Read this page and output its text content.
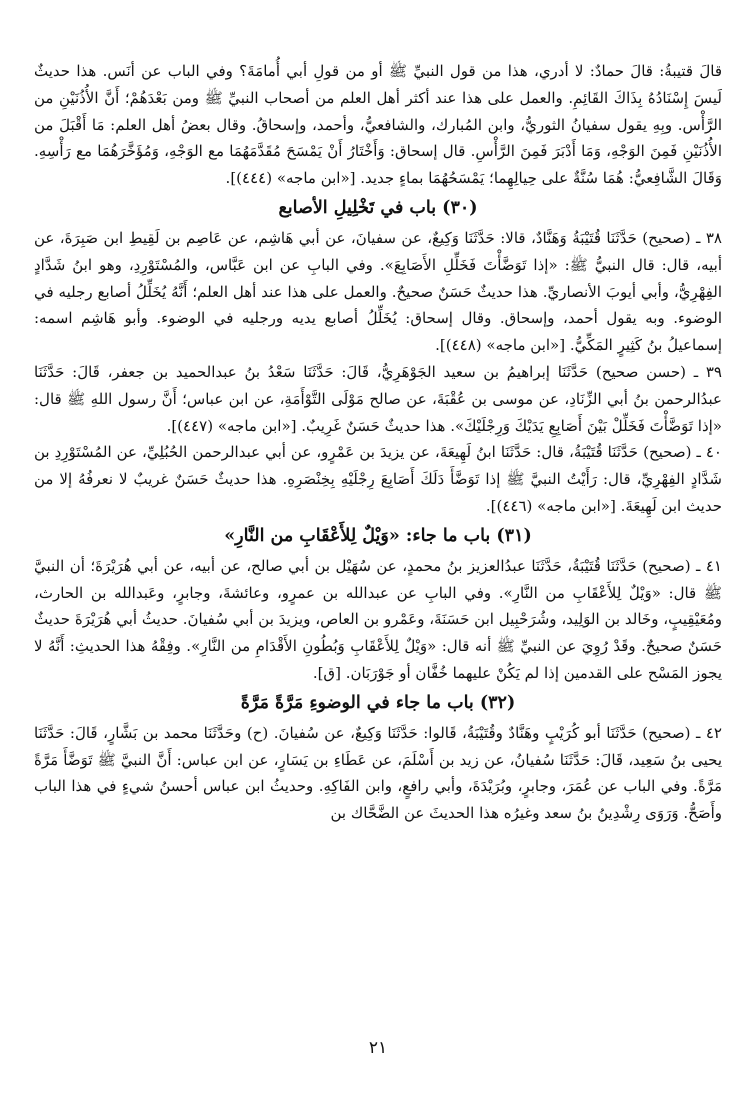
قالَ قتيبةُ: قالَ حمادٌ: لا أدري، هذا من قول النبيِّ ﷺ أو من قولِ أبي أُمامَةَ؟ وفي الباب عن أنَس. هذا حديثٌ لَيسَ إِسْنَادُهُ بِذَاكَ القَائِمِ. والعمل على هذا عند أكثر أهل العلم من أصحاب النبيِّ ﷺ ومن بَعْدَهُمْ؛ أَنَّ الأُذُنَيْنِ من الرَّأْس. وبِهِ يقول سفيانُ الثوريُّ، وابن المُبارك، والشافعيُّ، وأحمد، وإسحاقُ. وقال بعضُ أهل العلم: مَا أَقْبَلَ من الأُذُنَيْنِ فَمِنَ الوَجْهِ، وَمَا أَدْبَرَ فَمِنَ الرَّأْسِ. قال إسحاق: وَأَخْتَارُ أَنْ يَمْسَحَ مُقَدَّمَهُمَا مع الوَجْهِ، وَمُؤَخَّرَهُمَا مع رَأْسِهِ. وَقَالَ الشَّافِعيُّ: هُمَا سُنَّةٌ على حِيالِهِما؛ يَمْسَحُهُمَا بماءٍ جديد. [«ابن ماجه» (٤٤٤)].

(٣٠) باب في تَخْلِيلِ الأصابع

٣٨ ـ (صحيح) حَدَّثَنَا قُتَيْبَةُ وَهَنَّادٌ، قالا: حَدَّثَنَا وَكِيعٌ، عن سفيانَ، عن أبي هَاشِم، عن عَاصِم بن لَقِيطِ ابن صَبِرَةَ، عن أبيه، قال: قال النبيُّ ﷺ: «إذا تَوَضَّأْتَ فَخَلِّلِ الأَصَابِعَ». وفي البابِ عن ابن عَبَّاس، والمُسْتَوْرِدِ، وهو ابنُ شَدَّادٍ الفِهْرِيُّ، وأبي أيوبَ الأنصاريِّ. هذا حديثٌ حَسَنٌ صحيحٌ. والعمل على هذا عند أهل العلم؛ أَنَّهُ يُخَلِّلُ أصابع رجليه في الوضوء. وبه يقول أحمد، وإسحاق. وقال إسحاق: يُخَلِّلُ أصابع يديه ورجليه في الوضوء. وأبو هَاشِم اسمه: إسماعيلُ بنُ كَثِيرٍ المَكِّيُّ. [«ابن ماجه» (٤٤٨)].

٣٩ ـ (حسن صحيح) حَدَّثَنَا إبراهيمُ بن سعيد الجَوْهَرِيُّ، قَالَ: حَدَّثَنَا سَعْدُ بنُ عبدالحميد بن جعفر، قَالَ: حَدَّثَنَا عبدُالرحمن بنُ أبي الزِّنَادِ، عن موسى بن عُقْبَةَ، عن صالح مَوْلَى التَّوْأَمَةِ، عن ابن عباس؛ أَنَّ رسول اللهِ ﷺ قال: «إذا تَوَضَّأْتَ فَخَلِّلْ بَيْنَ أَصَابِعِ يَدَيْكَ وَرِجْلَيْكَ». هذا حديثٌ حَسَنٌ غَرِيبٌ. [«ابن ماجه» (٤٤٧)].

٤٠ ـ (صحيح) حَدَّثَنَا قُتَيْبَةُ، قال: حَدَّثَنَا ابنُ لَهِيعَةَ، عن يزيدَ بن عَمْرٍو، عن أبي عبدالرحمن الحُبُلِيِّ، عن المُسْتَوْرِدِ بن شَدَّادٍ الفِهْرِيِّ، قال: رَأَيْتُ النبيَّ ﷺ إذا تَوَضَّأَ دَلَكَ أَصَابِعَ رِجْلَيْهِ بِخِنْصَرِهِ. هذا حديثٌ حَسَنٌ غريبٌ لا نعرفُهُ إلا من حديث ابن لَهِيعَةَ. [«ابن ماجه» (٤٤٦)].

(٣١) باب ما جاء: «وَيْلٌ لِلأَعْقَابِ من النَّارِ»

٤١ ـ (صحيح) حَدَّثَنَا قُتَيْبَةُ، حَدَّثَنَا عبدُالعزيز بنُ محمدٍ، عن سُهَيْل بن أبي صالح، عن أبيه، عن أبي هُرَيْرَةَ؛ أن النبيَّ ﷺ قال: «وَيْلٌ لِلأَعْقَابِ من النَّارِ». وفي البابِ عن عبدالله بن عمرٍو، وعائشةَ، وجابرٍ، وعَبدالله بن الحارث، ومُعَيْقِيبٍ، وخَالد بن الوَلِيد، وشُرَحْبِيل ابن حَسَنَةَ، وعَمْرو بن العاص، ويزيدَ بن أبي سُفيانَ. حديثُ أبي هُرَيْرَةَ حديثٌ حَسَنٌ صحيحٌ. وقَدْ رُوِيَ عن النبيِّ ﷺ أنه قال: «وَيْلٌ لِلأَعْقَابِ وَبُطُونِ الأَقْدَامِ من النَّارِ». وفِقْهُ هذا الحديثِ: أَنَّهُ لا يجوز المَسْح على القدمين إذا لم يَكُنْ عليهما خُفَّان أو جَوْرَبَان. [ق].

(٣٢) باب ما جاء في الوضوءِ مَرَّةً مَرَّةً

٤٢ ـ (صحيح) حَدَّثَنَا أبو كُرَيْبٍ وهَنَّادٌ وقُتَيْبَةُ، قَالوا: حَدَّثَنَا وَكِيعٌ، عن سُفيانَ. (ح) وحَدَّثَنَا محمد بن بَشَّارٍ، قَالَ: حَدَّثَنَا يحيى بنُ سَعِيد، قَالَ: حَدَّثَنَا سُفيانُ، عن زيد بن أَسْلَمَ، عن عَطَاءِ بن يَسَارٍ، عن ابن عباس: أَنَّ النبيَّ ﷺ تَوَضَّأَ مَرَّةً مَرَّةً. وفي الباب عن عُمَرَ، وجابرٍ، وبُرَيْدَةَ، وأبي رافعٍ، وابن الفَاكِهِ. وحديثُ ابن عباس أحسنُ شيءٍ في هذا الباب وأَصَحُّ. وَرَوَى رِشْدِينُ بنُ سعد وغيرُه هذا الحديثَ عن الضَّحَّاك بن

٢١
